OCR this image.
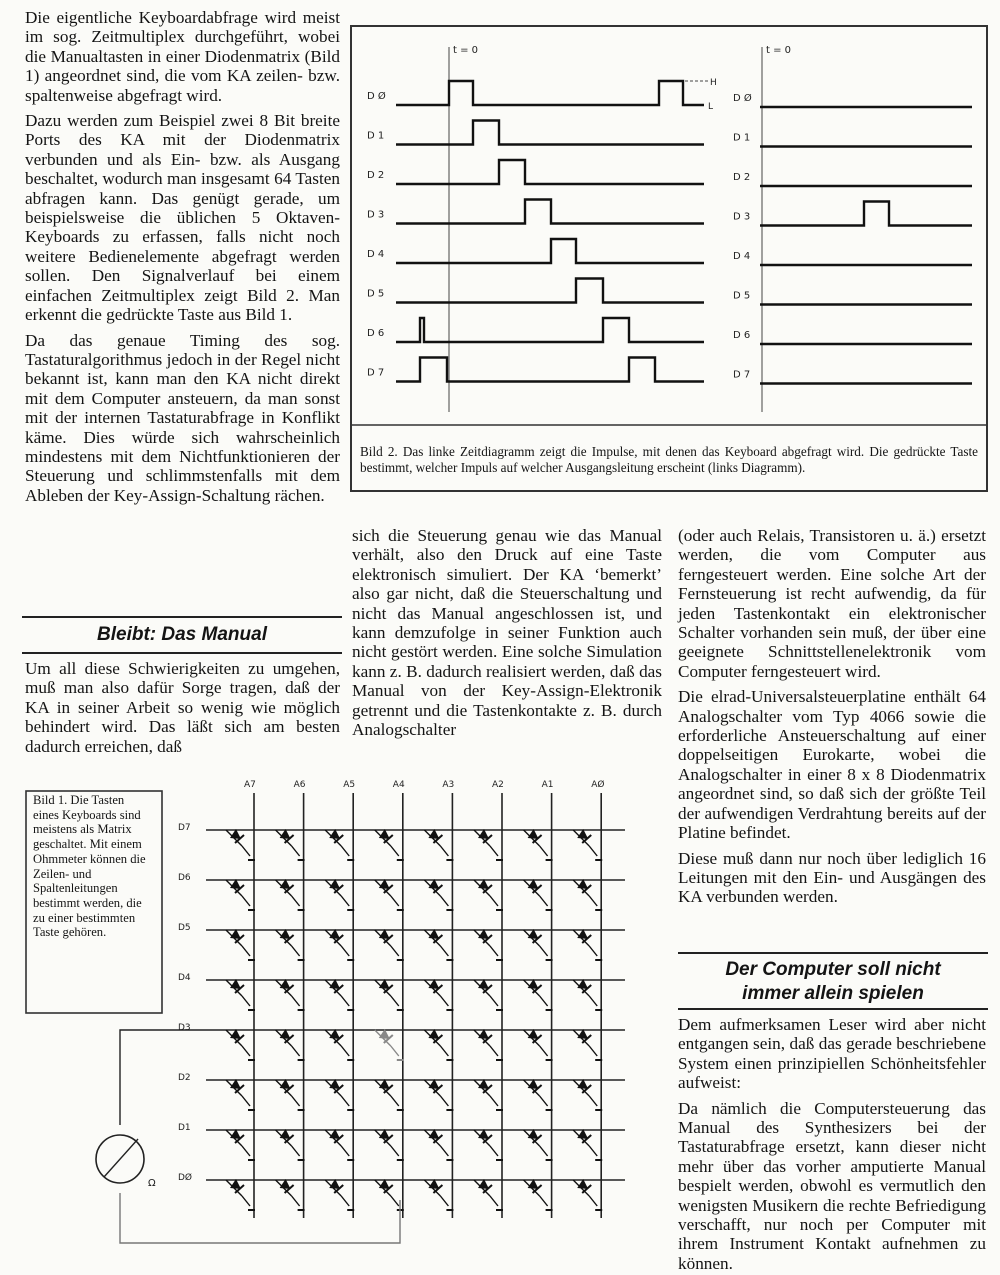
Die eigentliche Keyboardabfrage wird meist im sog. Zeitmultiplex durchgeführt, wobei die Manualtasten in einer Diodenmatrix (Bild 1) angeordnet sind, die vom KA zeilen- bzw. spaltenweise abgefragt wird.

Dazu werden zum Beispiel zwei 8 Bit breite Ports des KA mit der Diodenmatrix verbunden und als Ein- bzw. als Ausgang beschaltet, wodurch man insgesamt 64 Tasten abfragen kann. Das genügt gerade, um beispielsweise die üblichen 5 Oktaven-Keyboards zu erfassen, falls nicht noch weitere Bedienelemente abgefragt werden sollen. Den Signalverlauf bei einem einfachen Zeitmultiplex zeigt Bild 2. Man erkennt die gedrückte Taste aus Bild 1.

Da das genaue Timing des sog. Tastaturalgorithmus jedoch in der Regel nicht bekannt ist, kann man den KA nicht direkt mit dem Computer ansteuern, da man sonst mit der internen Tastaturabfrage in Konflikt käme. Dies würde sich wahrscheinlich mindestens mit dem Nichtfunktionieren der Steuerung und schlimmstenfalls mit dem Ableben der Key-Assign-Schaltung rächen.

Bleibt: Das Manual

Um all diese Schwierigkeiten zu umgehen, muß man also dafür Sorge tragen, daß der KA in seiner Arbeit so wenig wie möglich behindert wird. Das läßt sich am besten dadurch erreichen, daß

sich die Steuerung genau wie das Manual verhält, also den Druck auf eine Taste elektronisch simuliert. Der KA ‘bemerkt’ also gar nicht, daß die Steuerschaltung und nicht das Manual angeschlossen ist, und kann demzufolge in seiner Funktion auch nicht gestört werden. Eine solche Simulation kann z. B. dadurch realisiert werden, daß das Manual von der Key-Assign-Elektronik getrennt und die Tastenkontakte z. B. durch Analogschalter

(oder auch Relais, Transistoren u. ä.) ersetzt werden, die vom Computer aus ferngesteuert werden. Eine solche Art der Fernsteuerung ist recht aufwendig, da für jeden Tastenkontakt ein elektronischer Schalter vorhanden sein muß, der über eine geeignete Schnittstellenelektronik vom Computer ferngesteuert wird.

Die elrad-Universalsteuerplatine enthält 64 Analogschalter vom Typ 4066 sowie die erforderliche Ansteuerschaltung auf einer doppelseitigen Eurokarte, wobei die Analogschalter in einer 8 x 8 Diodenmatrix angeordnet sind, so daß sich der größte Teil der aufwendigen Verdrahtung bereits auf der Platine befindet.

Diese muß dann nur noch über lediglich 16 Leitungen mit den Ein- und Ausgängen des KA verbunden werden.

Der Computer soll nicht
immer allein spielen

Dem aufmerksamen Leser wird aber nicht entgangen sein, daß das gerade beschriebene System einen prinzipiellen Schönheitsfehler aufweist:

Da nämlich die Computersteuerung das Manual des Synthesizers bei der Tastaturabfrage ersetzt, kann dieser nicht mehr über das vorher amputierte Manual bespielt werden, obwohl es vermutlich den wenigsten Musikern die rechte Befriedigung verschafft, nur noch per Computer mit ihrem Instrument Kontakt aufnehmen zu können.

t = 0
D Ø
D 1
D 2
D 3
D 4
D 5
D 6
D 7
H
L
t = 0
D Ø
D 1
D 2
D 3
D 4
D 5
D 6
D 7
Bild 2. Das linke Zeitdiagramm zeigt die Impulse, mit denen das Keyboard abgefragt wird. Die gedrückte Taste bestimmt, welcher Impuls auf welcher Ausgangsleitung erscheint (links Diagramm).
A7	A6	A5	A4	A3	A2	A1	AØ
D7
D6
D5
D4
D3
D2
D1
DØ
Ω
Bild 1. Die Tasten eines Keyboards sind meistens als Matrix geschaltet. Mit einem Ohmmeter können die Zeilen- und Spaltenleitungen bestimmt werden, die zu einer bestimmten Taste gehören.
